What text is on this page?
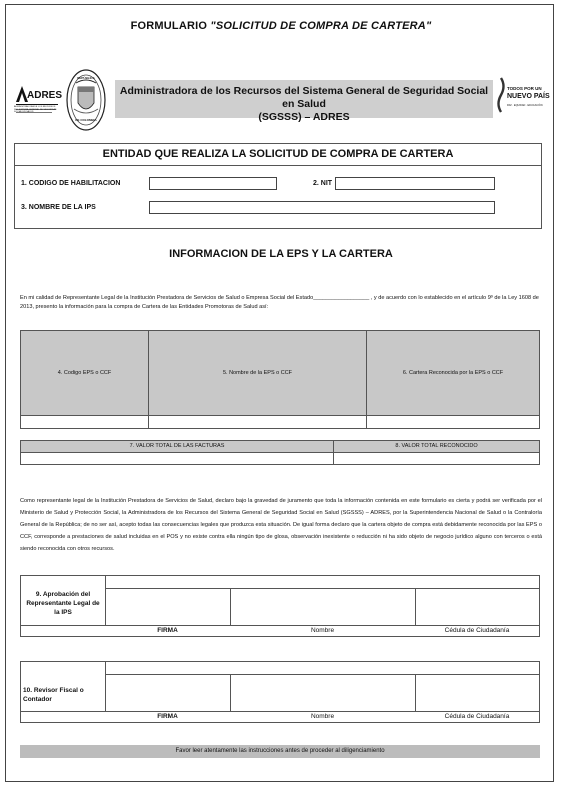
FORMULARIO "SOLICITUD DE COMPRA DE CARTERA"
ADRES
ADMINISTRADORA DE LOS RECURSOS DEL SISTEMA GENERAL DE SEGURIDAD SOCIAL EN SALUD
REPÚBLICA
DE COLOMBIA
Administradora de los Recursos del Sistema General de Seguridad Social en Salud
(SGSSS) – ADRES
TODOS POR UN
NUEVO PAÍS
PAZ · EQUIDAD · EDUCACIÓN
ENTIDAD QUE REALIZA LA SOLICITUD DE COMPRA DE CARTERA
1. CODIGO DE HABILITACION	2. NIT
3. NOMBRE DE LA IPS
INFORMACION DE LA EPS Y LA CARTERA
En mi calidad de Representante Legal de la Institución Prestadora de Servicios de Salud o Empresa Social del Estado__________________ , y de acuerdo con lo establecido en el artículo 9º de la Ley 1608 de 2013, presento la información para la compra de Cartera de las Entidades Promotoras de Salud así:
4. Codigo EPS o CCF	5. Nombre de la EPS o CCF	6. Cartera Reconocida por la EPS o CCF
7. VALOR TOTAL DE LAS FACTURAS	8. VALOR TOTAL RECONOCIDO
Como representante legal de la Institución Prestadora de Servicios de Salud, declaro bajo la gravedad de juramento que toda la información contenida en este formulario es cierta y podrá ser verificada por el Ministerio de Salud y Protección Social, la Administradora de los Recursos del Sistema General de Seguridad Social en Salud (SGSSS) – ADRES, por la Superintendencia Nacional de Salud o la Contraloría General de la República; de no ser así, acepto todas las consecuencias legales que produzca esta situación. De igual forma declaro que la cartera objeto de compra está debidamente reconocida por las EPS o CCF, corresponde a prestaciones de salud incluidas en el POS y no existe contra ella ningún tipo de glosa, observación inexistente o reducción ni ha sido objeto de negocio jurídico alguno con terceros o está siendo reconocida con otros recursos.
9. Aprobación del Representante Legal de la IPS
FIRMA	Nombre	Cédula de Ciudadanía
10. Revisor Fiscal o Contador
FIRMA	Nombre	Cédula de Ciudadanía
Favor leer atentamente las instrucciones antes de proceder al diligenciamiento
